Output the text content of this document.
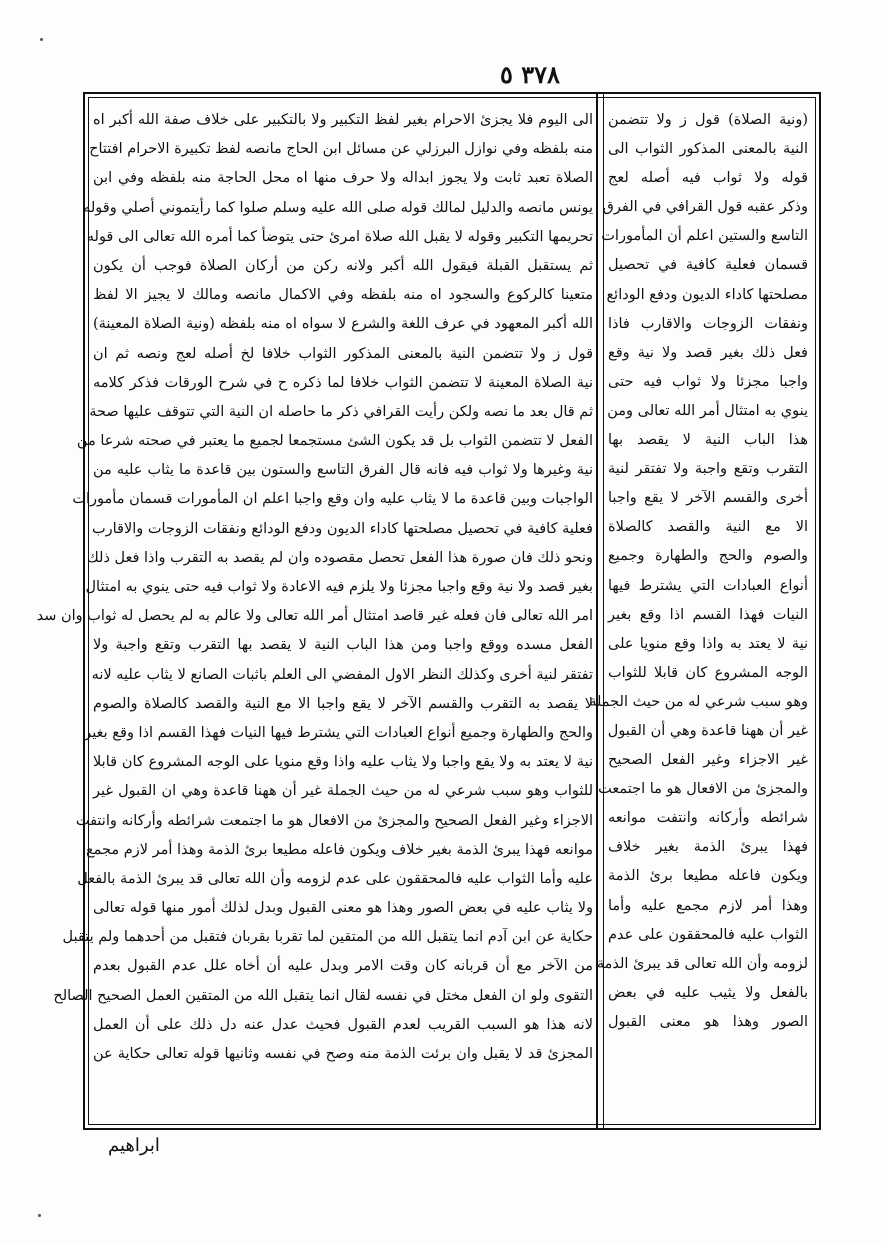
٣٧٨ ٥
الى اليوم فلا يجزئ الاحرام بغير لفظ التكبير ولا بالتكبير على خلاف صفة الله أكبر اه
منه بلفظه وفي نوازل البرزلي عن مسائل ابن الحاج مانصه لفظ تكبيرة الاحرام افتتاح
الصلاة تعبد ثابت ولا يجوز ابداله ولا حرف منها اه محل الحاجة منه بلفظه وفي ابن
يونس مانصه والدليل لمالك قوله صلى الله عليه وسلم صلوا كما رأيتموني أصلي وقوله
تحريمها التكبير وقوله لا يقبل الله صلاة امرئ حتى يتوضأ كما أمره الله تعالى الى قوله
ثم يستقبل القبلة فيقول الله أكبر ولانه ركن من أركان الصلاة فوجب أن يكون
متعينا كالركوع والسجود اه منه بلفظه وفي الاكمال مانصه ومالك لا يجيز الا لفظ
الله أكبر المعهود في عرف اللغة والشرع لا سواه اه منه بلفظه (ونية الصلاة المعينة)
قول ز ولا تتضمن النية بالمعنى المذكور الثواب خلافا لخ أصله لعج ونصه ثم ان
نية الصلاة المعينة لا تتضمن الثواب خلافا لما ذكره ح في شرح الورقات فذكر كلامه
ثم قال بعد ما نصه ولكن رأيت القرافي ذكر ما حاصله ان النية التي تتوقف عليها صحة
الفعل لا تتضمن الثواب بل قد يكون الشئ مستجمعا لجميع ما يعتبر في صحته شرعا من
نية وغيرها ولا ثواب فيه فانه قال الفرق التاسع والستون بين قاعدة ما يثاب عليه من
الواجبات وبين قاعدة ما لا يثاب عليه وان وقع واجبا اعلم ان المأمورات قسمان مأمورات
فعلية كافية في تحصيل مصلحتها كاداء الديون ودفع الودائع ونفقات الزوجات والاقارب
ونحو ذلك فان صورة هذا الفعل تحصل مقصوده وان لم يقصد به التقرب واذا فعل ذلك
بغير قصد ولا نية وقع واجبا مجزئا ولا يلزم فيه الاعادة ولا ثواب فيه حتى ينوي به امتثال
امر الله تعالى فان فعله غير قاصد امتثال أمر الله تعالى ولا عالم به لم يحصل له ثواب وان سد
الفعل مسده ووقع واجبا ومن هذا الباب النية لا يقصد بها التقرب وتقع واجبة ولا
تفتقر لنية أخرى وكذلك النظر الاول المفضي الى العلم باثبات الصانع لا يثاب عليه لانه
لا يقصد به التقرب والقسم الآخر لا يقع واجبا الا مع النية والقصد كالصلاة والصوم
والحج والطهارة وجميع أنواع العبادات التي يشترط فيها النيات فهذا القسم اذا وقع بغير
نية لا يعتد به ولا يقع واجبا ولا يثاب عليه واذا وقع منويا على الوجه المشروع كان قابلا
للثواب وهو سبب شرعي له من حيث الجملة غير أن ههنا قاعدة وهي ان القبول غير
الاجزاء وغير الفعل الصحيح والمجزئ من الافعال هو ما اجتمعت شرائطه وأركانه وانتفت
موانعه فهذا يبرئ الذمة بغير خلاف ويكون فاعله مطيعا برئ الذمة وهذا أمر لازم مجمع
عليه وأما الثواب عليه فالمحققون على عدم لزومه وأن الله تعالى قد يبرئ الذمة بالفعل
ولا يثاب عليه في بعض الصور وهذا هو معنى القبول وبدل لذلك أمور منها قوله تعالى
حكاية عن ابن آدم انما يتقبل الله من المتقين لما تقربا بقربان فتقبل من أحدهما ولم يتقبل
من الآخر مع أن قربانه كان وقت الامر وبدل عليه أن أخاه علل عدم القبول بعدم
التقوى ولو ان الفعل مختل في نفسه لقال انما يتقبل الله من المتقين العمل الصحيح الصالح
لانه هذا هو السبب القريب لعدم القبول فحيث عدل عنه دل ذلك على أن العمل
المجزئ قد لا يقبل وان برئت الذمة منه وصح في نفسه وثانيها قوله تعالى حكاية عن
(ونية الصلاة) قول ز ولا تتضمن
النية بالمعنى المذكور الثواب الى
قوله ولا ثواب فيه أصله لعج
وذكر عقبه قول القرافي في الفرق
التاسع والستين اعلم أن المأمورات
قسمان فعلية كافية في تحصيل
مصلحتها كاداء الديون ودفع الودائع
ونفقات الزوجات والاقارب فاذا
فعل ذلك بغير قصد ولا نية وقع
واجبا مجزئا ولا ثواب فيه حتى
ينوي به امتثال أمر الله تعالى ومن
هذا الباب النية لا يقصد بها
التقرب وتقع واجبة ولا تفتقر لنية
أخرى والقسم الآخر لا يقع واجبا
الا مع النية والقصد كالصلاة
والصوم والحج والطهارة وجميع
أنواع العبادات التي يشترط فيها
النيات فهذا القسم اذا وقع بغير
نية لا يعتد به واذا وقع منويا على
الوجه المشروع كان قابلا للثواب
وهو سبب شرعي له من حيث الجملة
غير أن ههنا قاعدة وهي أن القبول
غير الاجزاء وغير الفعل الصحيح
والمجزئ من الافعال هو ما اجتمعت
شرائطه وأركانه وانتفت موانعه
فهذا يبرئ الذمة بغير خلاف
ويكون فاعله مطيعا برئ الذمة
وهذا أمر لازم مجمع عليه وأما
الثواب عليه فالمحققون على عدم
لزومه وأن الله تعالى قد يبرئ الذمة
بالفعل ولا يثيب عليه في بعض
الصور وهذا هو معنى القبول
ابراهيم
